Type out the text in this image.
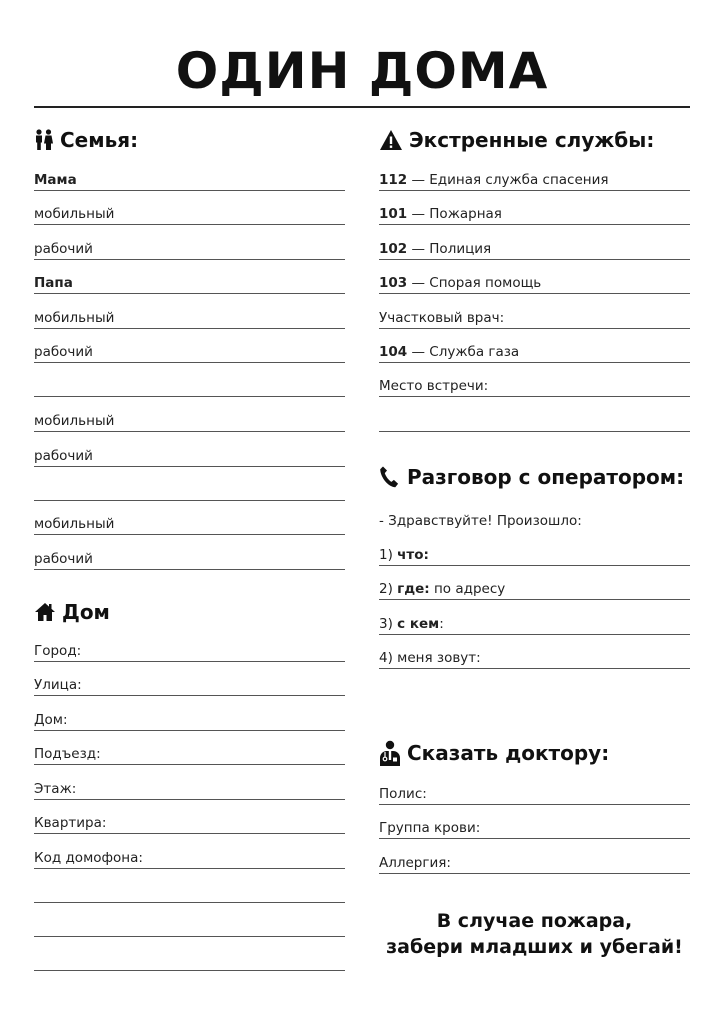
ОДИН ДОМА
Семья:
Мама
мобильный
рабочий
Папа
мобильный
рабочий
мобильный
рабочий
мобильный
рабочий
Дом
Город:
Улица:
Дом:
Подъезд:
Этаж:
Квартира:
Код домофона:
Экстренные службы:
112 — Единая служба спасения
101 — Пожарная
102 — Полиция
103 — Спорая помощь
Участковый врач:
104 — Служба газа
Место встречи:
Разговор с оператором:
- Здравствуйте! Произошло:
1) что:
2) где: по адресу
3) с кем:
4) меня зовут:
Сказать доктору:
Полис:
Группа крови:
Аллергия:
В случае пожара,
забери младших и убегай!
